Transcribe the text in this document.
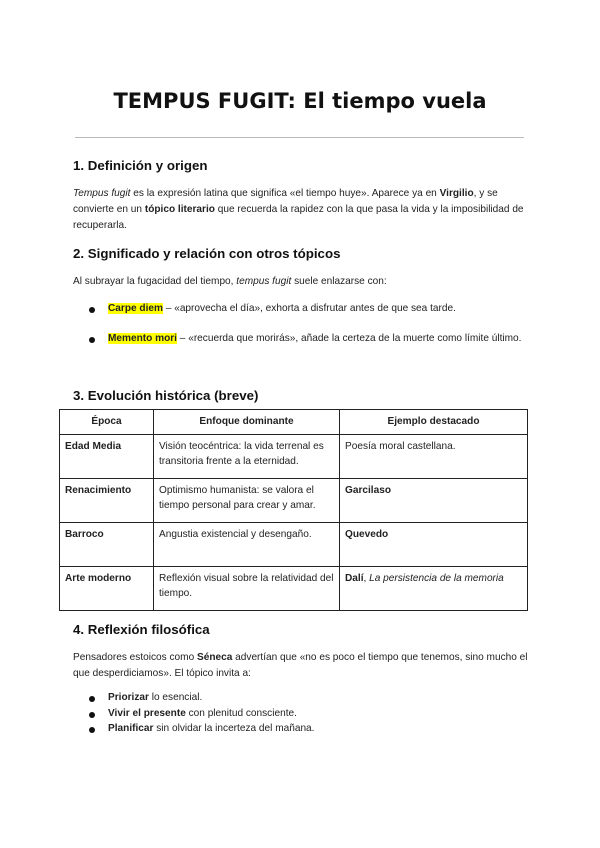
TEMPUS FUGIT: El tiempo vuela
1. Definición y origen

Tempus fugit es la expresión latina que significa «el tiempo huye». Aparece ya en Virgilio, y se convierte en un tópico literario que recuerda la rapidez con la que pasa la vida y la imposibilidad de recuperarla.

2. Significado y relación con otros tópicos

Al subrayar la fugacidad del tiempo, tempus fugit suele enlazarse con:

Carpe diem – «aprovecha el día», exhorta a disfrutar antes de que sea tarde.

Memento mori – «recuerda que morirás», añade la certeza de la muerte como límite último.

3. Evolución histórica (breve)
Época	Enfoque dominante	Ejemplo destacado
Edad Media	Visión teocéntrica: la vida terrenal es transitoria frente a la eternidad.	Poesía moral castellana.
Renacimiento	Optimismo humanista: se valora el tiempo personal para crear y amar.	Garcilaso
Barroco	Angustia existencial y desengaño.	Quevedo
Arte moderno	Reflexión visual sobre la relatividad del tiempo.	Dalí, La persistencia de la memoria
4. Reflexión filosófica

Pensadores estoicos como Séneca advertían que «no es poco el tiempo que tenemos, sino mucho el que desperdiciamos». El tópico invita a:

Priorizar lo esencial.

Vivir el presente con plenitud consciente.

Planificar sin olvidar la incerteza del mañana.
